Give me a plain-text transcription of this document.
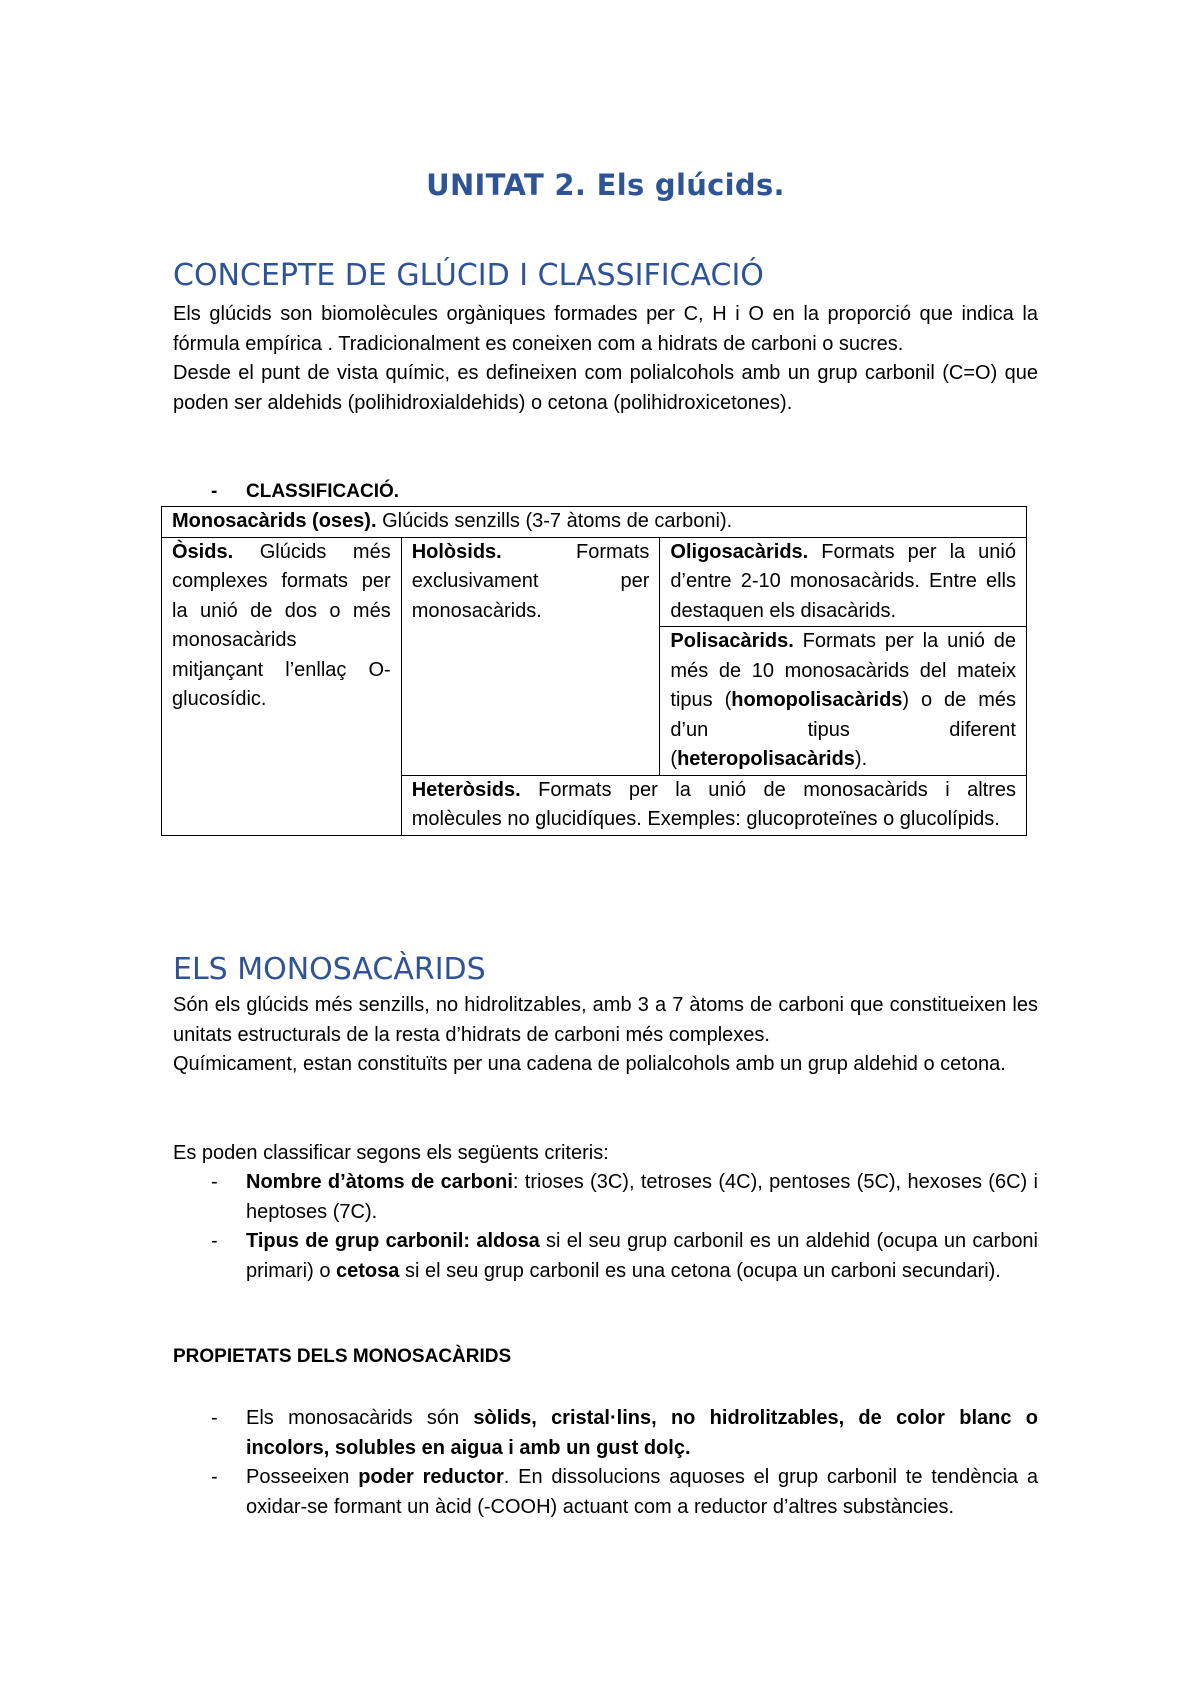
UNITAT 2. Els glúcids.
CONCEPTE DE GLÚCID I CLASSIFICACIÓ

Els glúcids son biomolècules orgàniques formades per C, H i O en la proporció que indica la fórmula empírica . Tradicionalment es coneixen com a hidrats de carboni o sucres.

Desde el punt de vista químic, es defineixen com polialcohols amb un grup carbonil (C=O) que poden ser aldehids (polihidroxialdehids) o cetona (polihidroxicetones).

- CLASSIFICACIÓ.
Monosacàrids (oses). Glúcids senzills (3-7 àtoms de carboni).
Òsids. Glúcids més complexes formats per la unió de dos o més monosacàrids mitjançant l’enllaç O-glucosídic.	Holòsids. Formats exclusivament per monosacàrids.	Oligosacàrids. Formats per la unió d’entre 2-10 monosacàrids. Entre ells destaquen els disacàrids.
Polisacàrids. Formats per la unió de més de 10 monosacàrids del mateix tipus (homopolisacàrids) o de més d’un tipus diferent (heteropolisacàrids).
Heteròsids. Formats per la unió de monosacàrids i altres molècules no glucidíques. Exemples: glucoproteïnes o glucolípids.
ELS MONOSACÀRIDS

Són els glúcids més senzills, no hidrolitzables, amb 3 a 7 àtoms de carboni que constitueixen les unitats estructurals de la resta d’hidrats de carboni més complexes.

Químicament, estan constituïts per una cadena de polialcohols amb un grup aldehid o cetona.

Es poden classificar segons els següents criteris:
- Nombre d’àtoms de carboni: trioses (3C), tetroses (4C), pentoses (5C), hexoses (6C) i heptoses (7C).
- Tipus de grup carbonil: aldosa si el seu grup carbonil es un aldehid (ocupa un carboni primari) o cetosa si el seu grup carbonil es una cetona (ocupa un carboni secundari).
PROPIETATS DELS MONOSACÀRIDS
- Els monosacàrids són sòlids, cristal·lins, no hidrolitzables, de color blanc o incolors, solubles en aigua i amb un gust dolç.
- Posseeixen poder reductor. En dissolucions aquoses el grup carbonil te tendència a oxidar-se formant un àcid (-COOH) actuant com a reductor d’altres substàncies.
